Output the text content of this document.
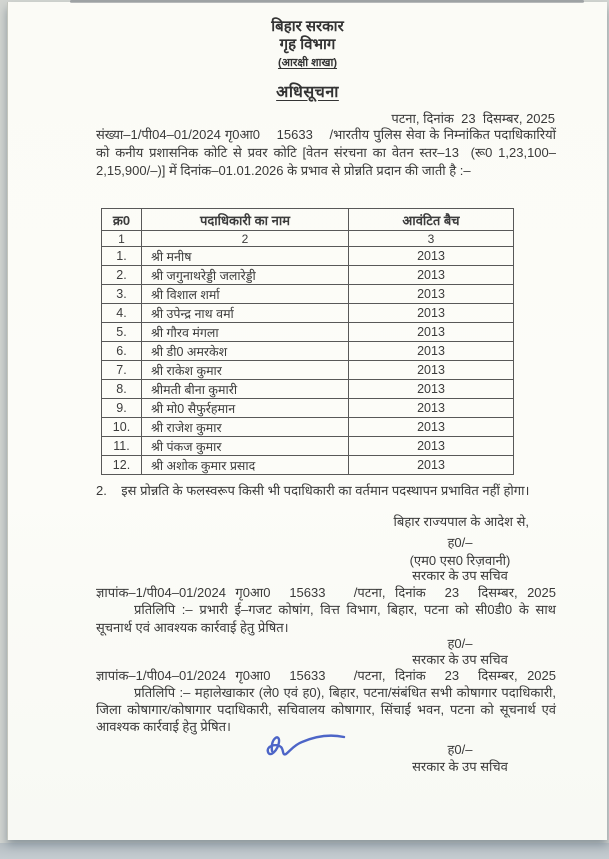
बिहार सरकार
गृह विभाग
(आरक्षी शाखा)
अधिसूचना
पटना, दिनांक  23  दिसम्बर, 2025
संख्या–1/पी04–01/2024 गृ0आ0    15633    /भारतीय पुलिस सेवा के निम्नांकित पदाधिकारियों को कनीय प्रशासनिक कोटि से प्रवर कोटि [वेतन संरचना का वेतन स्तर–13  (रू0 1,23,100–2,15,900/–)] में दिनांक–01.01.2026 के प्रभाव से प्रोन्नति प्रदान की जाती है :–
क्र0	पदाधिकारी का नाम	आवंटित बैच
1	2	3
1.	श्री मनीष	2013
2.	श्री जगुनाथरेड्डी जलारेड्डी	2013
3.	श्री विशाल शर्मा	2013
4.	श्री उपेन्द्र नाथ वर्मा	2013
5.	श्री गौरव मंगला	2013
6.	श्री डी0 अमरकेश	2013
7.	श्री राकेश कुमार	2013
8.	श्रीमती बीना कुमारी	2013
9.	श्री मो0 सैफुर्रहमान	2013
10.	श्री राजेश कुमार	2013
11.	श्री पंकज कुमार	2013
12.	श्री अशोक कुमार प्रसाद	2013
2.    इस प्रोन्नति के फलस्वरूप किसी भी पदाधिकारी का वर्तमान पदस्थापन प्रभावित नहीं होगा।
बिहार राज्यपाल के आदेश से,
ह0/–
(एम0 एस0 रिज़वानी)
सरकार के उप सचिव
ज्ञापांक–1/पी04–01/2024 गृ0आ0  15633   /पटना, दिनांक  23  दिसम्बर, 2025
प्रतिलिपि :– प्रभारी ई–गजट कोषांग, वित्त विभाग, बिहार, पटना को सी0डी0 के साथ सूचनार्थ एवं आवश्यक कार्रवाई हेतु प्रेषित।
ह0/–
सरकार के उप सचिव
ज्ञापांक–1/पी04–01/2024 गृ0आ0  15633   /पटना, दिनांक  23  दिसम्बर, 2025
प्रतिलिपि :– महालेखाकार (ले0 एवं ह0), बिहार, पटना/संबंधित सभी कोषागार पदाधिकारी, जिला कोषागार/कोषागार पदाधिकारी, सचिवालय कोषागार, सिंचाई भवन, पटना को सूचनार्थ एवं आवश्यक कार्रवाई हेतु प्रेषित।
ह0/–
सरकार के उप सचिव
